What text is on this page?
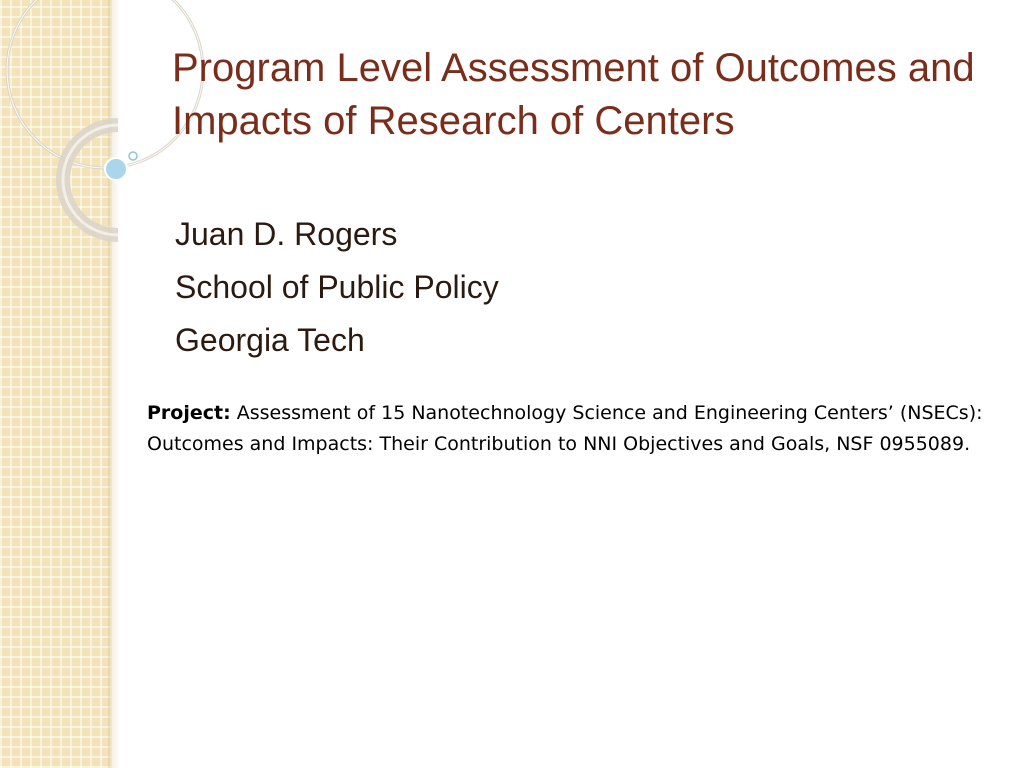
Program Level Assessment of Outcomes and Impacts of Research of Centers
Juan D. Rogers
School of Public Policy
Georgia Tech
Project: Assessment of 15 Nanotechnology Science and Engineering Centers’ (NSECs): Outcomes and Impacts: Their Contribution to NNI Objectives and Goals, NSF 0955089.
